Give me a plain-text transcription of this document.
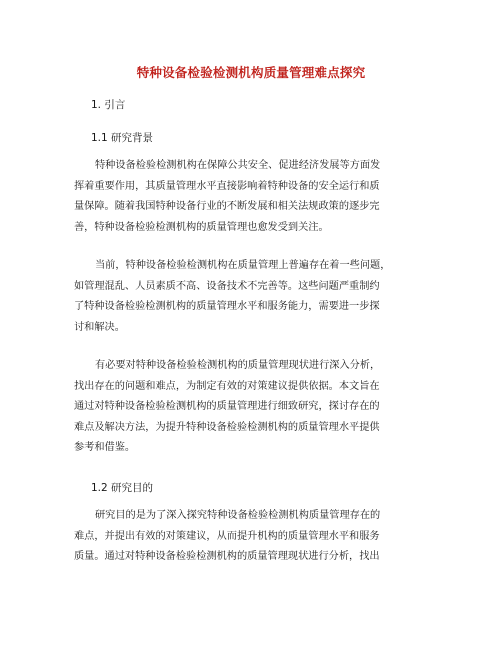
特种设备检验检测机构质量管理难点探究
1. 引言
1.1 研究背景
特种设备检验检测机构在保障公共安全、促进经济发展等方面发
挥着重要作用，其质量管理水平直接影响着特种设备的安全运行和质
量保障。随着我国特种设备行业的不断发展和相关法规政策的逐步完
善，特种设备检验检测机构的质量管理也愈发受到关注。
当前，特种设备检验检测机构在质量管理上普遍存在着一些问题，
如管理混乱、人员素质不高、设备技术不完善等。这些问题严重制约
了特种设备检验检测机构的质量管理水平和服务能力，需要进一步探
讨和解决。
有必要对特种设备检验检测机构的质量管理现状进行深入分析，
找出存在的问题和难点，为制定有效的对策建议提供依据。本文旨在
通过对特种设备检验检测机构的质量管理进行细致研究，探讨存在的
难点及解决方法，为提升特种设备检验检测机构的质量管理水平提供
参考和借鉴。
1.2 研究目的
研究目的是为了深入探究特种设备检验检测机构质量管理存在的
难点，并提出有效的对策建议，从而提升机构的质量管理水平和服务
质量。通过对特种设备检验检测机构的质量管理现状进行分析，找出
